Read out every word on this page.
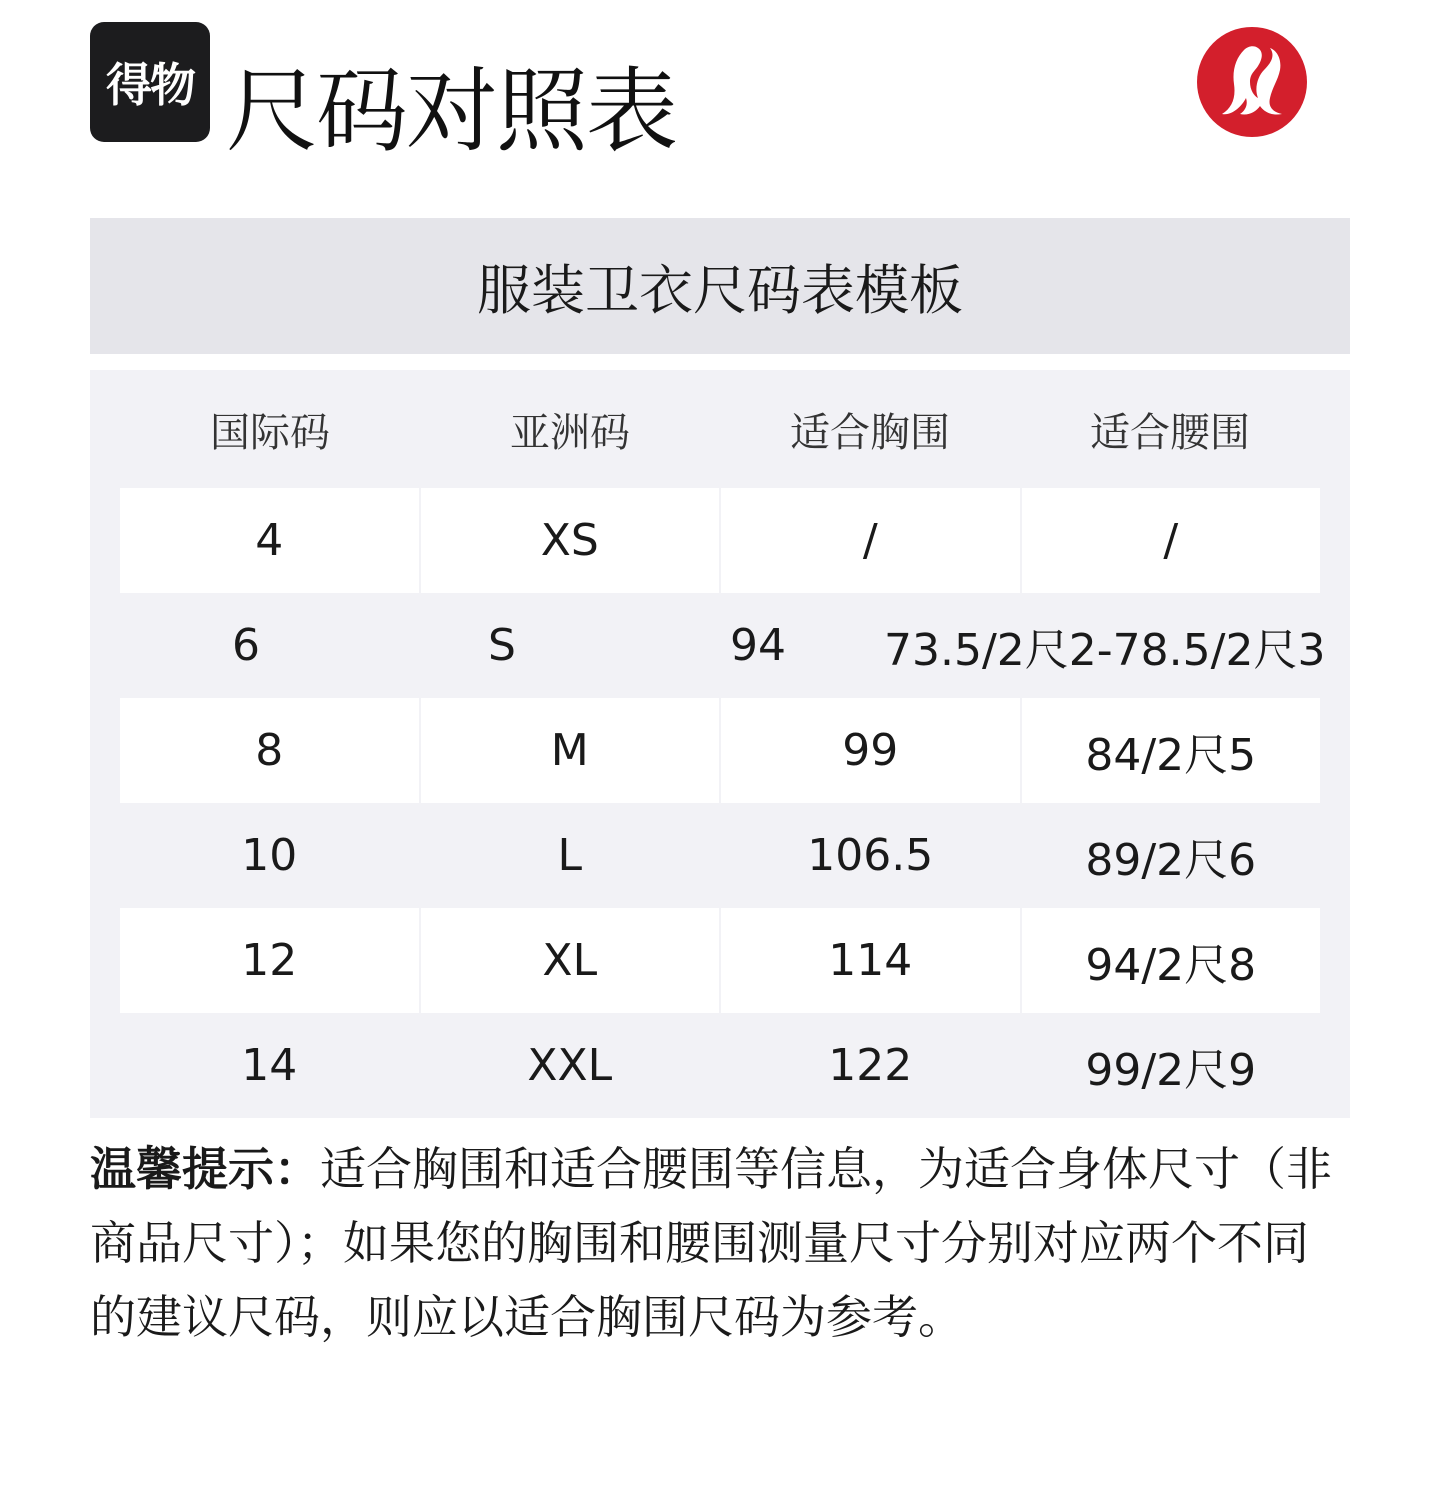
得物 尺码对照表
服装卫衣尺码表模板
国际码	亚洲码	适合胸围	适合腰围
4	XS	/	/
6	S	94 73.5/2尺2-78.5/2尺3
8	M	99	84/2尺5
10	L	106.5	89/2尺6
12	XL	114	94/2尺8
14	XXL	122	99/2尺9
温馨提示：适合胸围和适合腰围等信息，为适合身体尺寸（非商品尺寸）；如果您的胸围和腰围测量尺寸分别对应两个不同的建议尺码，则应以适合胸围尺码为参考。
